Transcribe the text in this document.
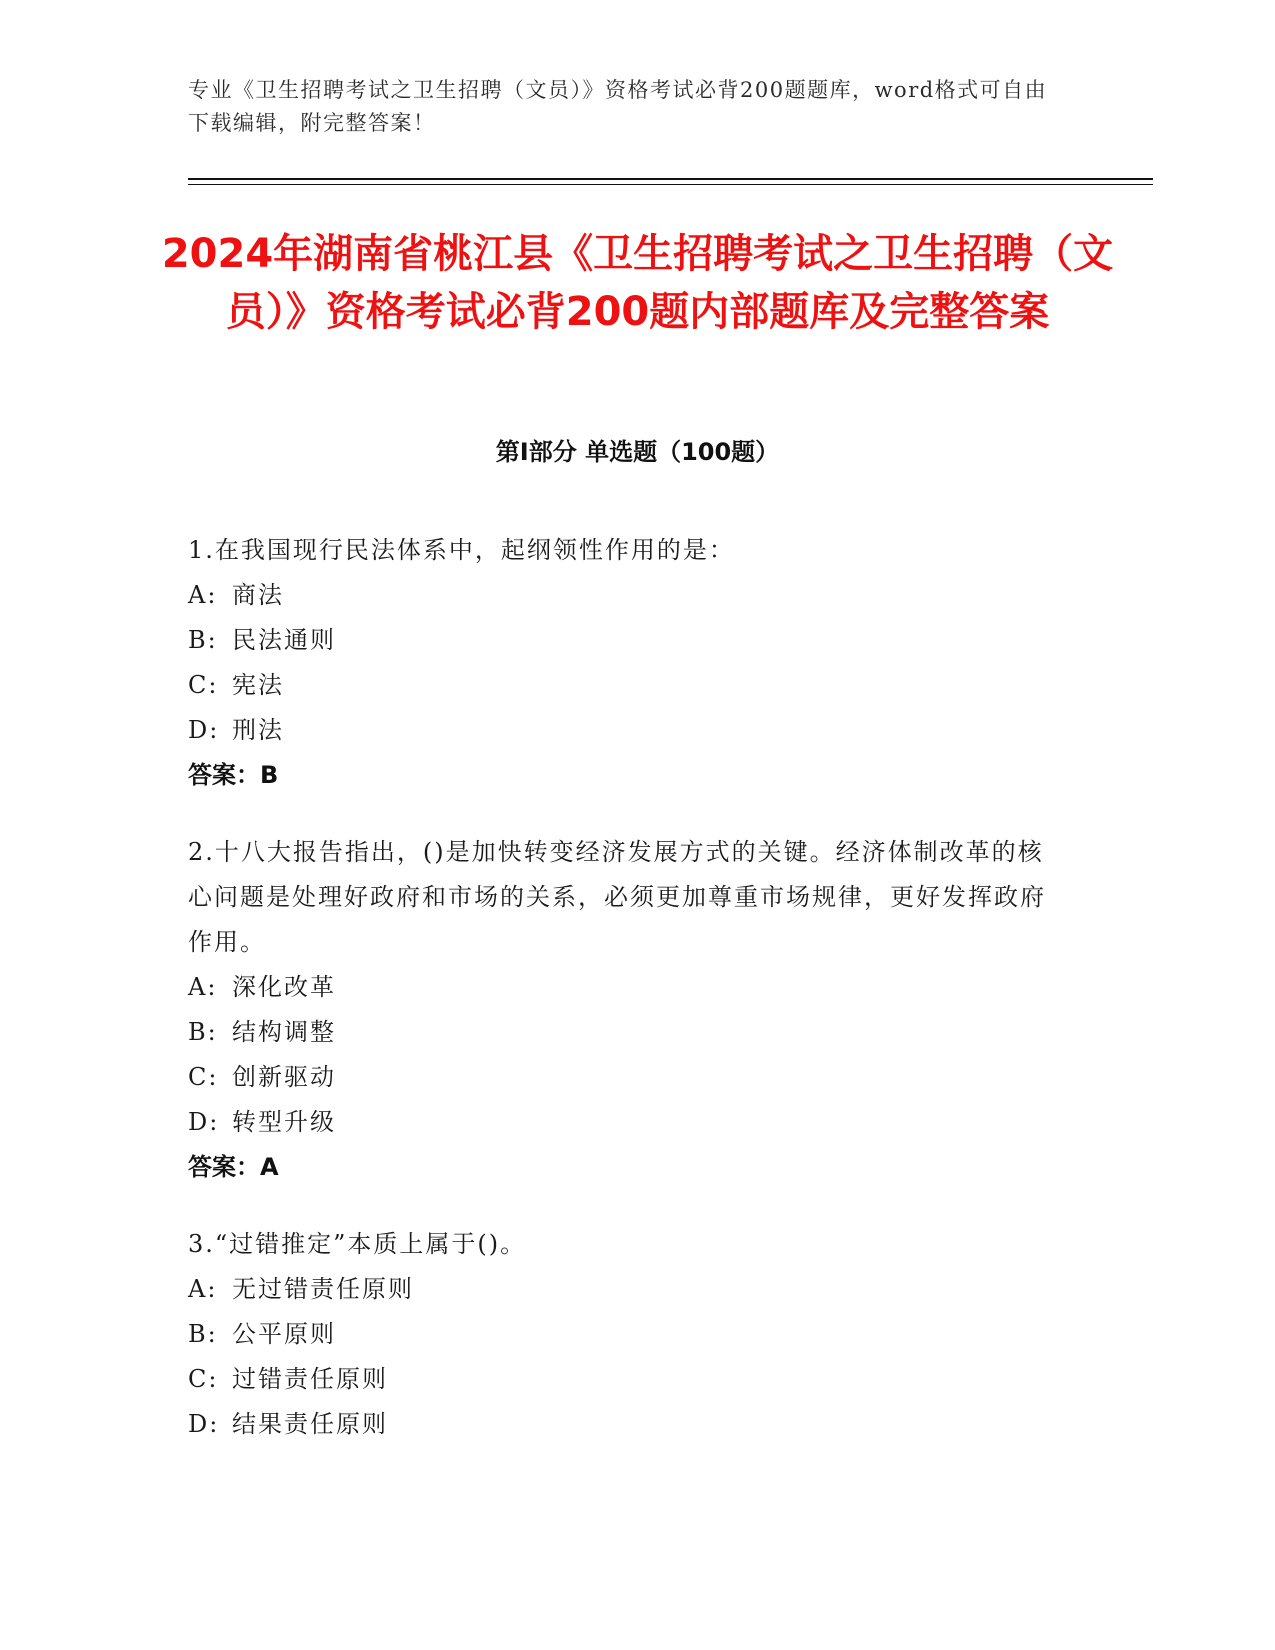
专业《卫生招聘考试之卫生招聘（文员）》资格考试必背200题题库，word格式可自由下载编辑，附完整答案！
2024年湖南省桃江县《卫生招聘考试之卫生招聘（文员）》资格考试必背200题内部题库及完整答案
第Ⅰ部分 单选题（100题）
1.在我国现行民法体系中，起纲领性作用的是：
A: 商法
B: 民法通则
C: 宪法
D: 刑法
答案：B
2.十八大报告指出，()是加快转变经济发展方式的关键。经济体制改革的核心问题是处理好政府和市场的关系，必须更加尊重市场规律，更好发挥政府作用。
A: 深化改革
B: 结构调整
C: 创新驱动
D: 转型升级
答案：A
3.“过错推定”本质上属于()。
A: 无过错责任原则
B: 公平原则
C: 过错责任原则
D: 结果责任原则
